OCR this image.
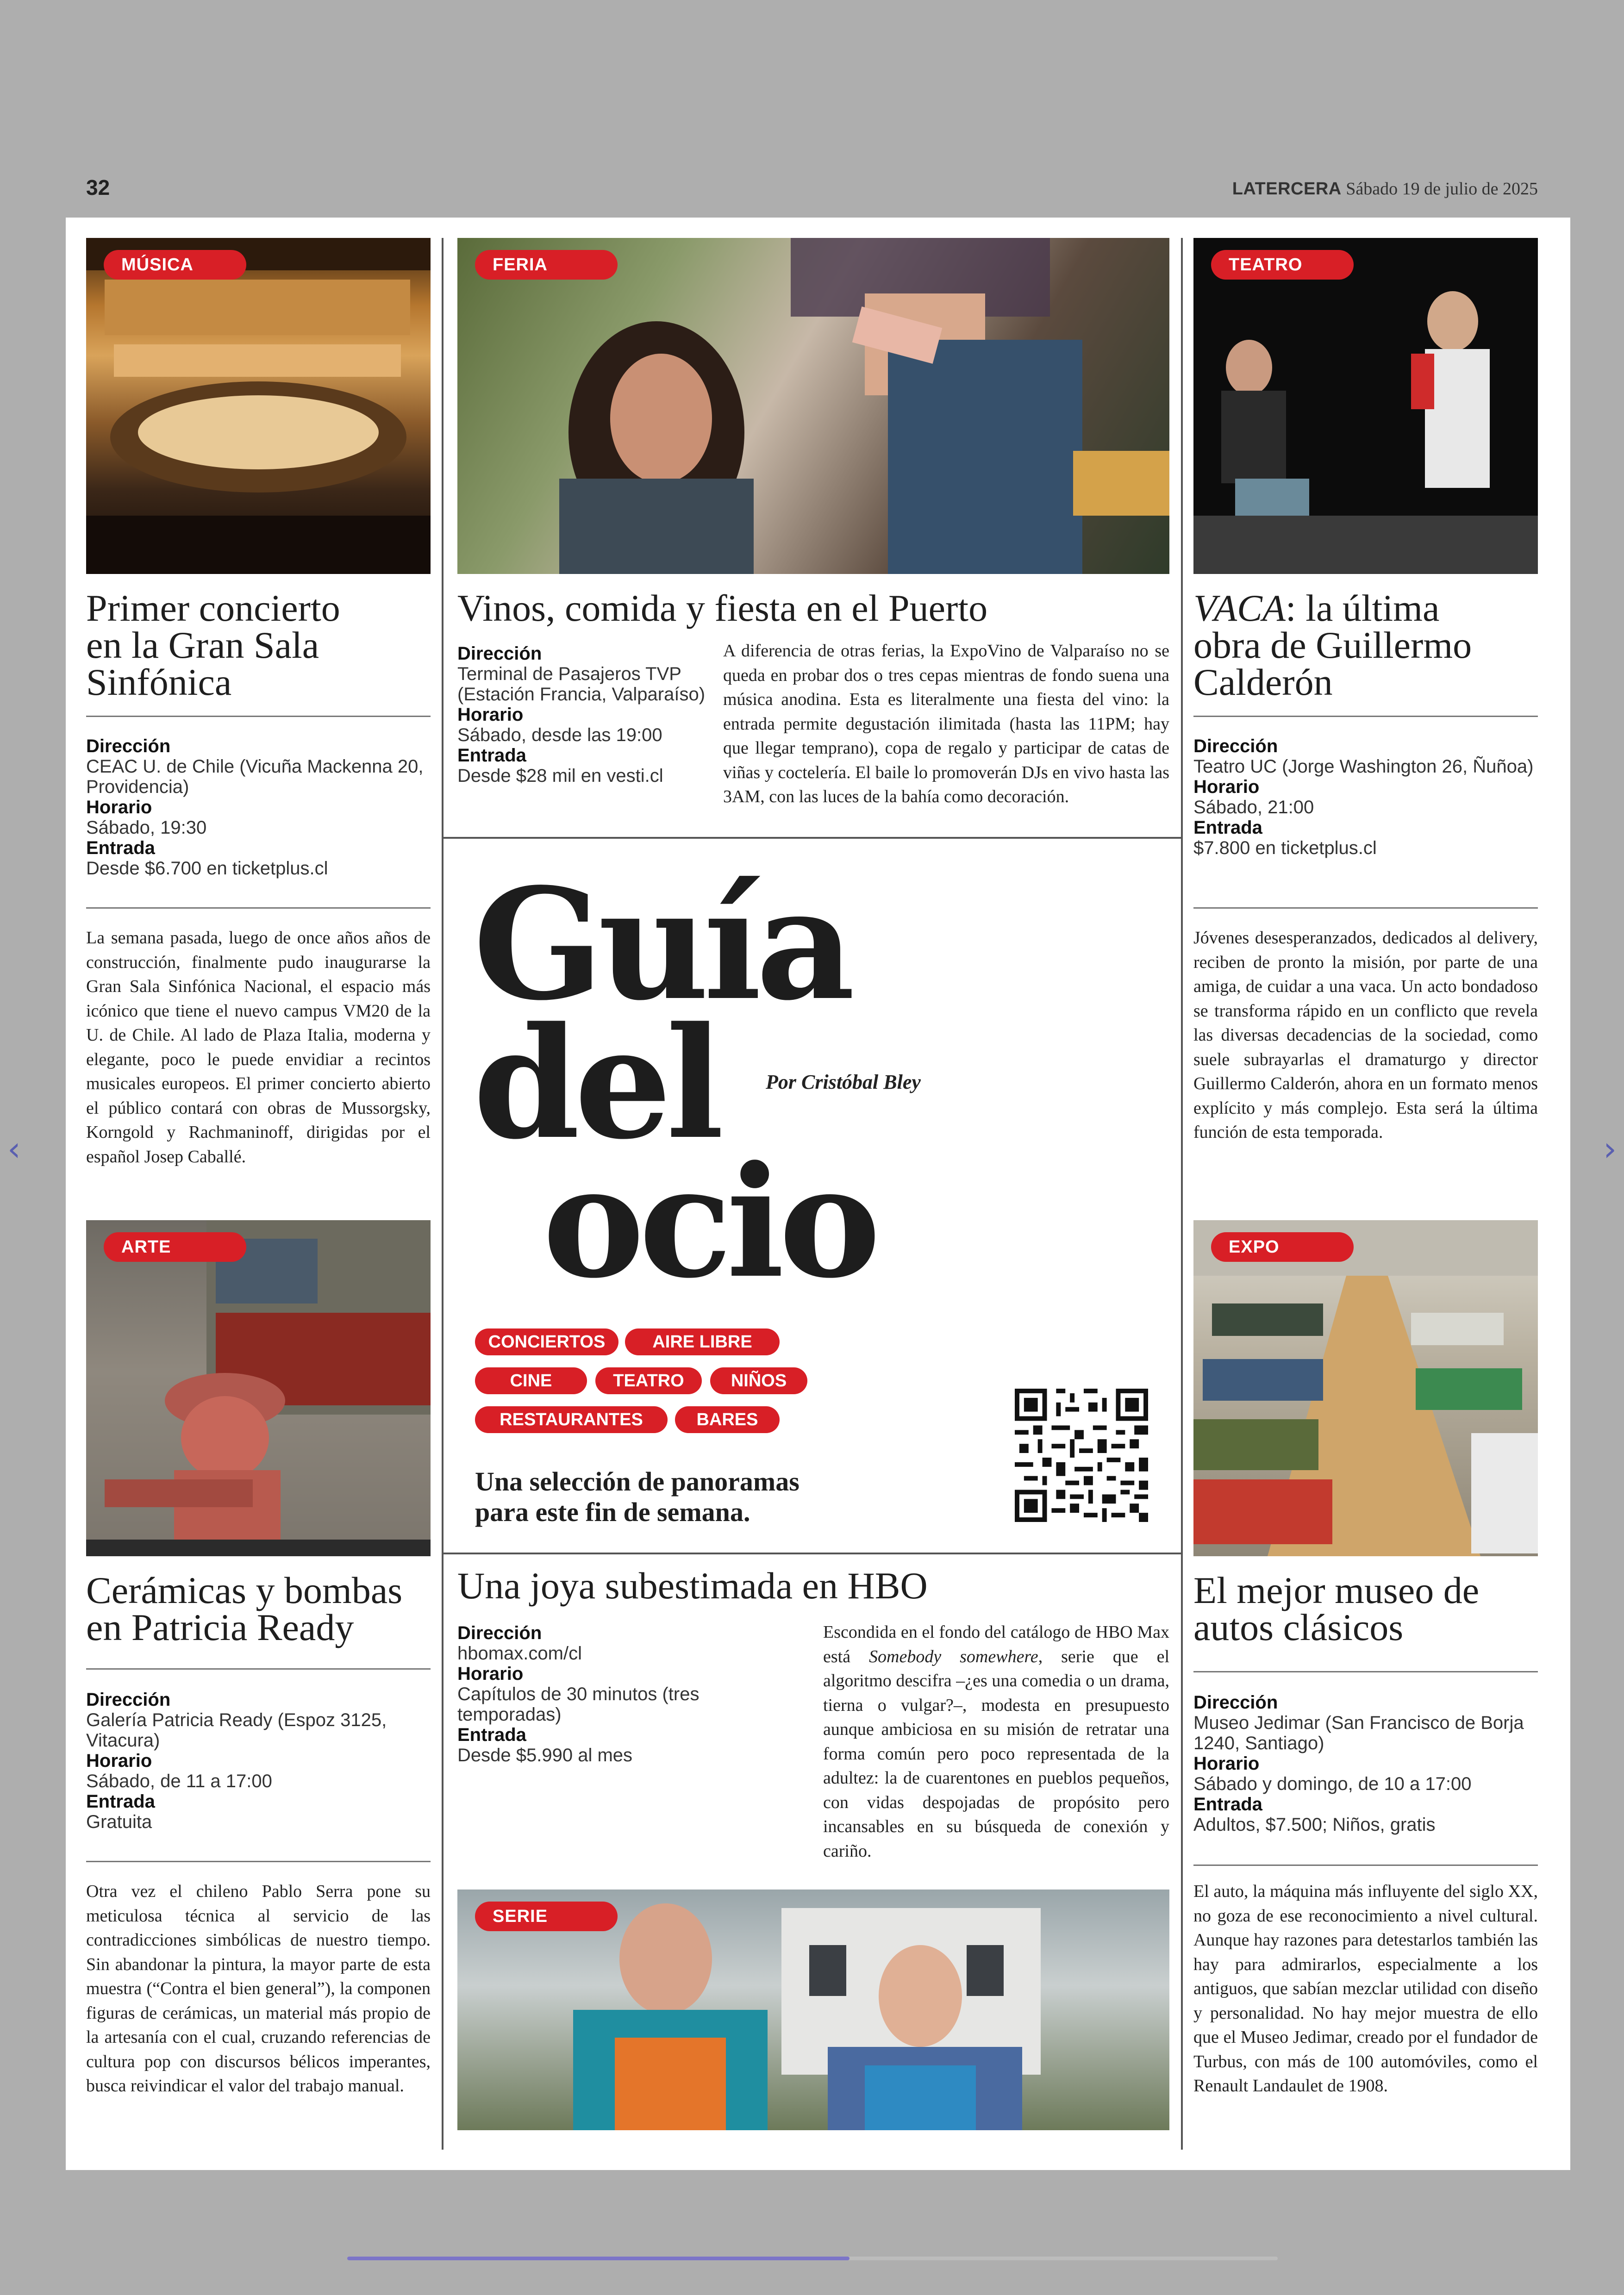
32	LATERCERA Sábado 19 de julio de 2025
‹	›
MÚSICA

Primer concierto

en la Gran Sala

Sinfónica

Dirección
CEAC U. de Chile (Vicuña Mackenna 20, Providencia)
Horario
Sábado, 19:30
Entrada
Desde $6.700 en ticketplus.cl
La semana pasada, luego de once años años de construcción, finalmente pudo inaugurarse la Gran Sala Sinfónica Nacional, el espacio más icónico que tiene el nuevo campus VM20 de la U. de Chile. Al lado de Plaza Italia, moderna y elegante, poco le puede envidiar a recintos musicales europeos. El primer concierto abierto el público contará con obras de Mussorgsky, Korngold y Rachmaninoff, dirigidas por el español Josep Caballé.
FERIA

Vinos, comida y fiesta en el Puerto

Dirección
Terminal de Pasajeros TVP (Estación Francia, Valparaíso)
Horario
Sábado, desde las 19:00
Entrada
Desde $28 mil en vesti.cl
A diferencia de otras ferias, la ExpoVino de Valparaíso no se queda en probar dos o tres cepas mientras de fondo suena una música anodina. Esta es literalmente una fiesta del vino: la entrada permite degustación ilimitada (hasta las 11PM; hay que llegar temprano), copa de regalo y participar de catas de viñas y coctelería. El baile lo promoverán DJs en vivo hasta las 3AM, con las luces de la bahía como decoración.
TEATRO

VACA: la última

obra de Guillermo

Calderón

Dirección
Teatro UC (Jorge Washington 26, Ñuñoa)
Horario
Sábado, 21:00
Entrada
$7.800 en ticketplus.cl
Jóvenes desesperanzados, dedicados al delivery, reciben de pronto la misión, por parte de una amiga, de cuidar a una vaca. Un acto bondadoso se transforma rápido en un conflicto que revela las diversas decadencias de la sociedad, como suele subrayarlas el dramaturgo y director Guillermo Calderón, ahora en un formato menos explícito y más complejo. Esta será la última función de esta temporada.
Guía
del
ocio
Por Cristóbal Bley
CONCIERTOS	AIRE LIBRE
CINE	TEATRO	NIÑOS
RESTAURANTES	BARES
Una selección de panoramas
para este fin de semana.
ARTE

Cerámicas y bombas

en Patricia Ready

Dirección
Galería Patricia Ready (Espoz 3125, Vitacura)
Horario
Sábado, de 11 a 17:00
Entrada
Gratuita
Otra vez el chileno Pablo Serra pone su meticulosa técnica al servicio de las contradicciones simbólicas de nuestro tiempo. Sin abandonar la pintura, la mayor parte de esta muestra (“Contra el bien general”), la componen figuras de cerámicas, un material más propio de la artesanía con el cual, cruzando referencias de cultura pop con discursos bélicos imperantes, busca reivindicar el valor del trabajo manual.

Una joya subestimada en HBO

Dirección
hbomax.com/cl
Horario
Capítulos de 30 minutos (tres temporadas)
Entrada
Desde $5.990 al mes
Escondida en el fondo del catálogo de HBO Max está Somebody somewhere, serie que el algoritmo descifra –¿es una comedia o un drama, tierna o vulgar?–, modesta en presupuesto aunque ambiciosa en su misión de retratar una forma común pero poco representada de la adultez: la de cuarentones en pueblos pequeños, con vidas despojadas de propósito pero incansables en su búsqueda de conexión y cariño.
SERIE
EXPO

El mejor museo de

autos clásicos

Dirección
Museo Jedimar (San Francisco de Borja 1240, Santiago)
Horario
Sábado y domingo, de 10 a 17:00
Entrada
Adultos, $7.500; Niños, gratis
El auto, la máquina más influyente del siglo XX, no goza de ese reconocimiento a nivel cultural. Aunque hay razones para detestarlos también las hay para admirarlos, especialmente a los antiguos, que sabían mezclar utilidad con diseño y personalidad. No hay mejor muestra de ello que el Museo Jedimar, creado por el fundador de Turbus, con más de 100 automóviles, como el Renault Landaulet de 1908.
